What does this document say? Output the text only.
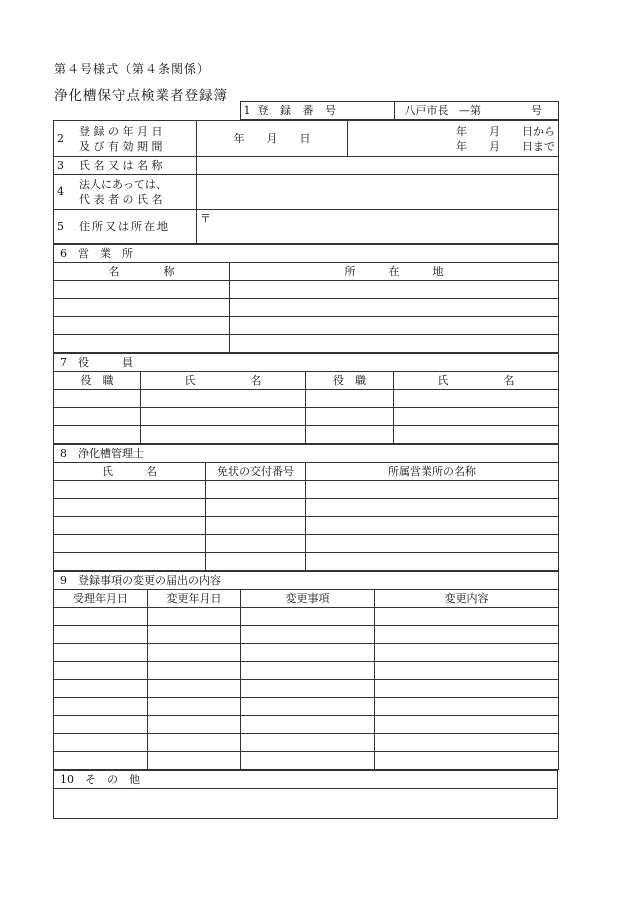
第４号様式（第４条関係）
浄化槽保守点検業者登録簿
	1 登 録 番 号	八戸市長 —第	号
2登 録 の 年 月 日
及 び 有 効 期 間	年　　月　　日	年　　月　　日から
年　　月　　日まで
3 氏 名 又 は 名 称		
4法人にあっては、
代 表 者 の 氏 名		
5 住所又は所在地	〒	
6　営　業　所	
名　　　　称	所　　　在　　　地

7　役　　　員			
役　職	氏　　　　　名	役　職	氏　　　　　名

8　浄化槽管理士		
氏　　　名	免状の交付番号	所属営業所の名称

9　登録事項の変更の届出の内容			
受理年月日	変更年月日	変更事項	変更内容

10　そ　の　他
